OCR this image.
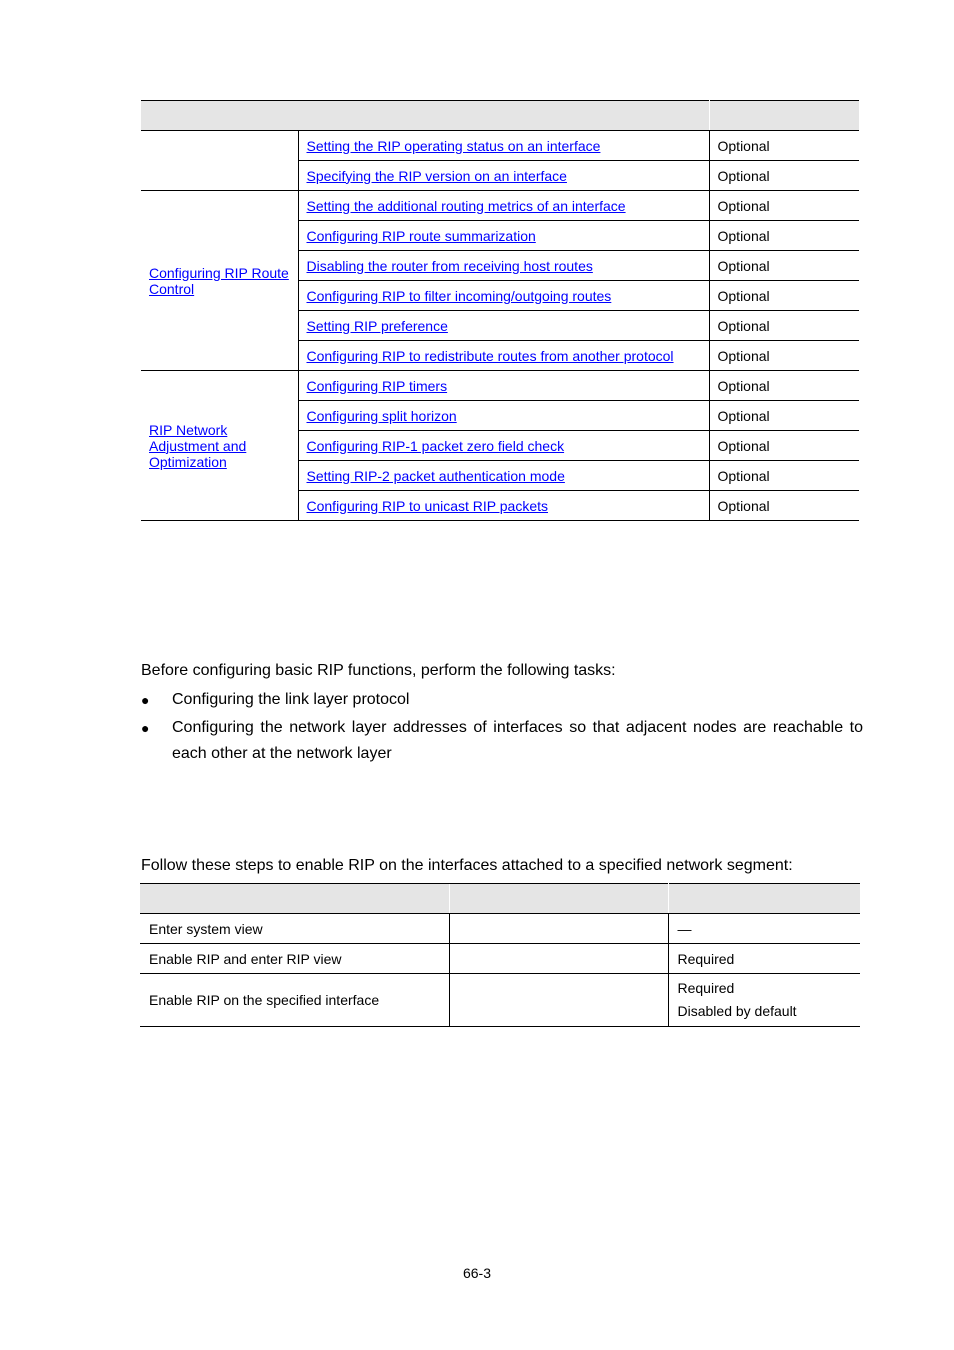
	Setting the RIP operating status on an interface	Optional
	Specifying the RIP version on an interface	Optional
Configuring RIP Route Control	Setting the additional routing metrics of an interface	Optional
	Configuring RIP route summarization	Optional
	Disabling the router from receiving host routes	Optional
	Configuring RIP to filter incoming/outgoing routes	Optional
	Setting RIP preference	Optional
	Configuring RIP to redistribute routes from another protocol	Optional
RIP Network Adjustment and Optimization	Configuring RIP timers	Optional
	Configuring split horizon	Optional
	Configuring RIP-1 packet zero field check	Optional
	Setting RIP-2 packet authentication mode	Optional
	Configuring RIP to unicast RIP packets	Optional
Before configuring basic RIP functions, perform the following tasks:
● Configuring the link layer protocol
● Configuring the network layer addresses of interfaces so that adjacent nodes are reachable to each other at the network layer
Follow these steps to enable RIP on the interfaces attached to a specified network segment:

Enter system view		—
Enable RIP and enter RIP view		Required
Enable RIP on the specified interface		Required
Disabled by default
66-3
